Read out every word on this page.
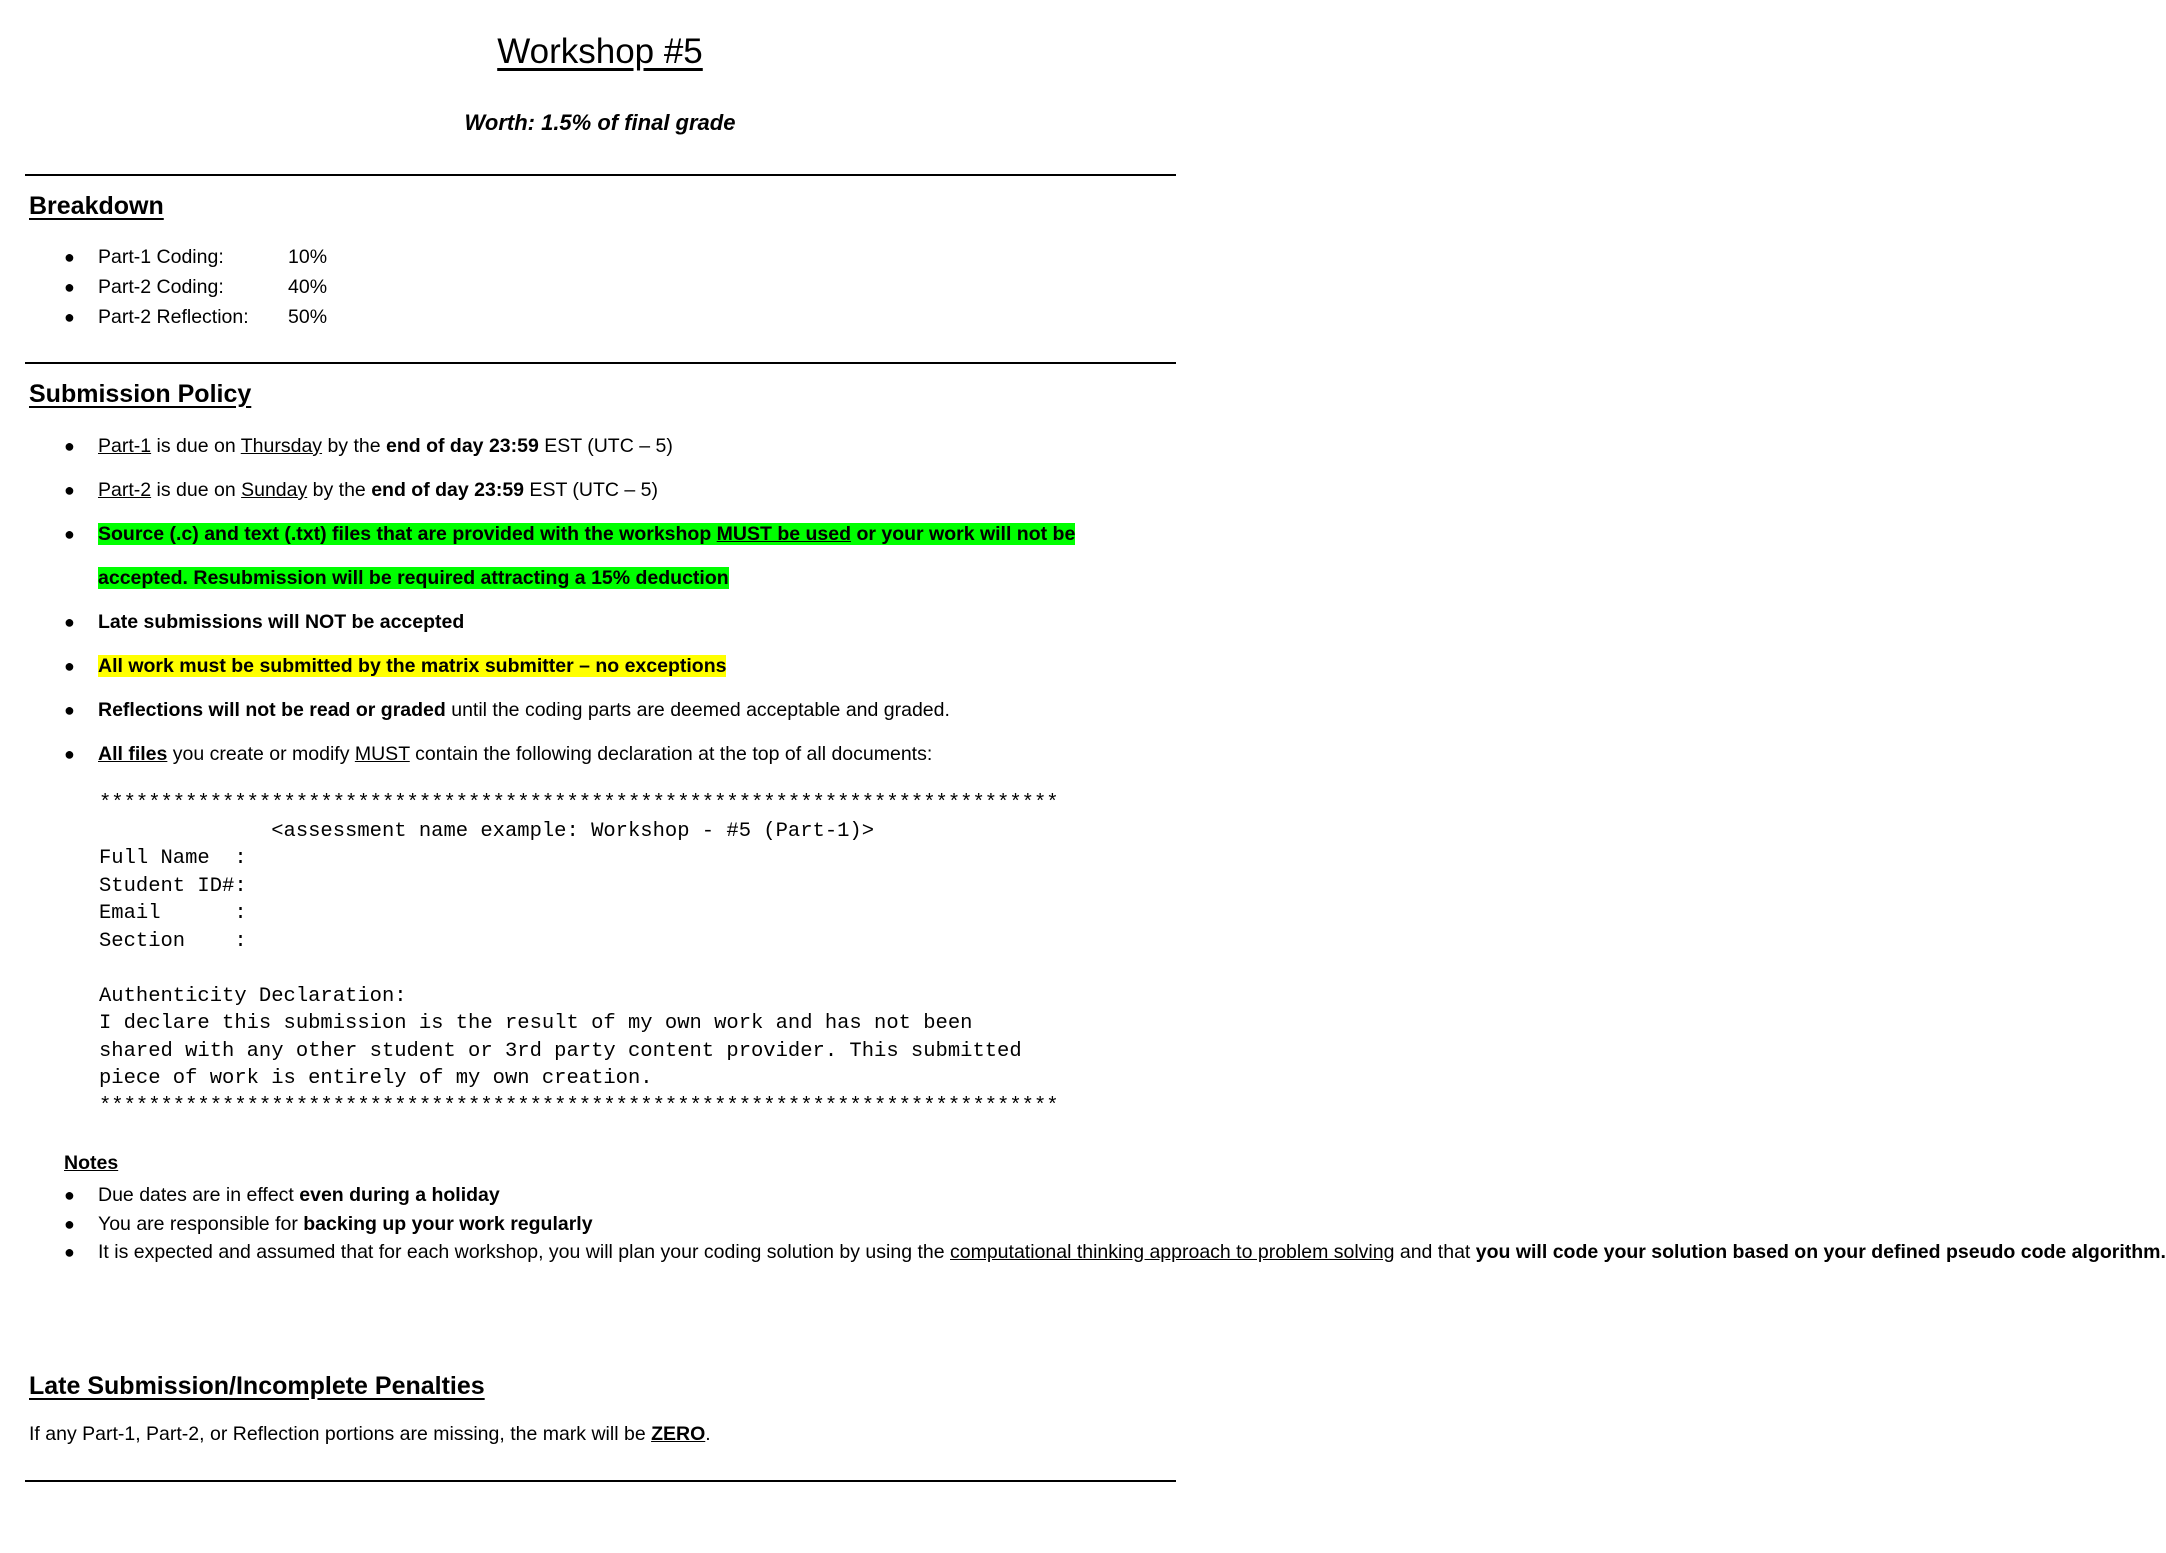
Workshop #5
Worth: 1.5% of final grade
Breakdown
● Part-1 Coding:	10%
● Part-2 Coding:	40%
● Part-2 Reflection: 50%
Submission Policy
● Part-1 is due on Thursday by the end of day 23:59 EST (UTC – 5)
● Part-2 is due on Sunday by the end of day 23:59 EST (UTC – 5)
● Source (.c) and text (.txt) files that are provided with the workshop MUST be used or your work will not be
accepted. Resubmission will be required attracting a 15% deduction
● Late submissions will NOT be accepted
● All work must be submitted by the matrix submitter – no exceptions
● Reflections will not be read or graded until the coding parts are deemed acceptable and graded.
● All files you create or modify MUST contain the following declaration at the top of all documents:
******************************************************************************
<assessment name example: Workshop - #5 (Part-1)>
Full Name  :
Student ID#:
Email      :
Section    :

Authenticity Declaration:
I declare this submission is the result of my own work and has not been
shared with any other student or 3rd party content provider. This submitted
piece of work is entirely of my own creation.
******************************************************************************
Notes
● Due dates are in effect even during a holiday
● You are responsible for backing up your work regularly
● It is expected and assumed that for each workshop, you will plan your coding solution by using the computational thinking approach to problem solving and that you will code your solution based on your defined pseudo code algorithm.
Late Submission/Incomplete Penalties
If any Part-1, Part-2, or Reflection portions are missing, the mark will be ZERO.
